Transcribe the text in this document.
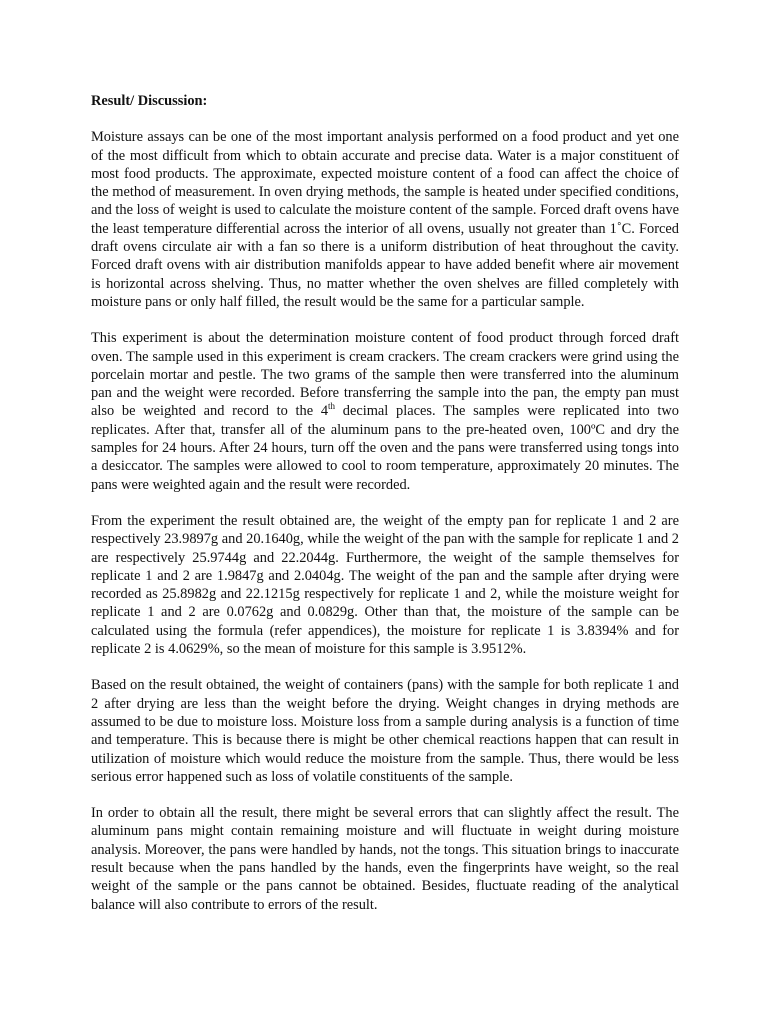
Result/ Discussion:

Moisture assays can be one of the most important analysis performed on a food product and yet one of the most difficult from which to obtain accurate and precise data. Water is a major constituent of most food products. The approximate, expected moisture content of a food can affect the choice of the method of measurement. In oven drying methods, the sample is heated under specified conditions, and the loss of weight is used to calculate the moisture content of the sample. Forced draft ovens have the least temperature differential across the interior of all ovens, usually not greater than 1˚C. Forced draft ovens circulate air with a fan so there is a uniform distribution of heat throughout the cavity. Forced draft ovens with air distribution manifolds appear to have added benefit where air movement is horizontal across shelving. Thus, no matter whether the oven shelves are filled completely with moisture pans or only half filled, the result would be the same for a particular sample.

This experiment is about the determination moisture content of food product through forced draft oven. The sample used in this experiment is cream crackers. The cream crackers were grind using the porcelain mortar and pestle. The two grams of the sample then were transferred into the aluminum pan and the weight were recorded. Before transferring the sample into the pan, the empty pan must also be weighted and record to the 4th decimal places. The samples were replicated into two replicates. After that, transfer all of the aluminum pans to the pre-heated oven, 100ºC and dry the samples for 24 hours. After 24 hours, turn off the oven and the pans were transferred using tongs into a desiccator. The samples were allowed to cool to room temperature, approximately 20 minutes. The pans were weighted again and the result were recorded.

From the experiment the result obtained are, the weight of the empty pan for replicate 1 and 2 are respectively 23.9897g and 20.1640g, while the weight of the pan with the sample for replicate 1 and 2 are respectively 25.9744g and 22.2044g. Furthermore, the weight of the sample themselves for replicate 1 and 2 are 1.9847g and 2.0404g. The weight of the pan and the sample after drying were recorded as 25.8982g and 22.1215g respectively for replicate 1 and 2, while the moisture weight for replicate 1 and 2 are 0.0762g and 0.0829g. Other than that, the moisture of the sample can be calculated using the formula (refer appendices), the moisture for replicate 1 is 3.8394% and for replicate 2 is 4.0629%, so the mean of moisture for this sample is 3.9512%.

Based on the result obtained, the weight of containers (pans) with the sample for both replicate 1 and 2 after drying are less than the weight before the drying. Weight changes in drying methods are assumed to be due to moisture loss. Moisture loss from a sample during analysis is a function of time and temperature. This is because there is might be other chemical reactions happen that can result in utilization of moisture which would reduce the moisture from the sample. Thus, there would be less serious error happened such as loss of volatile constituents of the sample.

In order to obtain all the result, there might be several errors that can slightly affect the result. The aluminum pans might contain remaining moisture and will fluctuate in weight during moisture analysis. Moreover, the pans were handled by hands, not the tongs. This situation brings to inaccurate result because when the pans handled by the hands, even the fingerprints have weight, so the real weight of the sample or the pans cannot be obtained. Besides, fluctuate reading of the analytical balance will also contribute to errors of the result.
